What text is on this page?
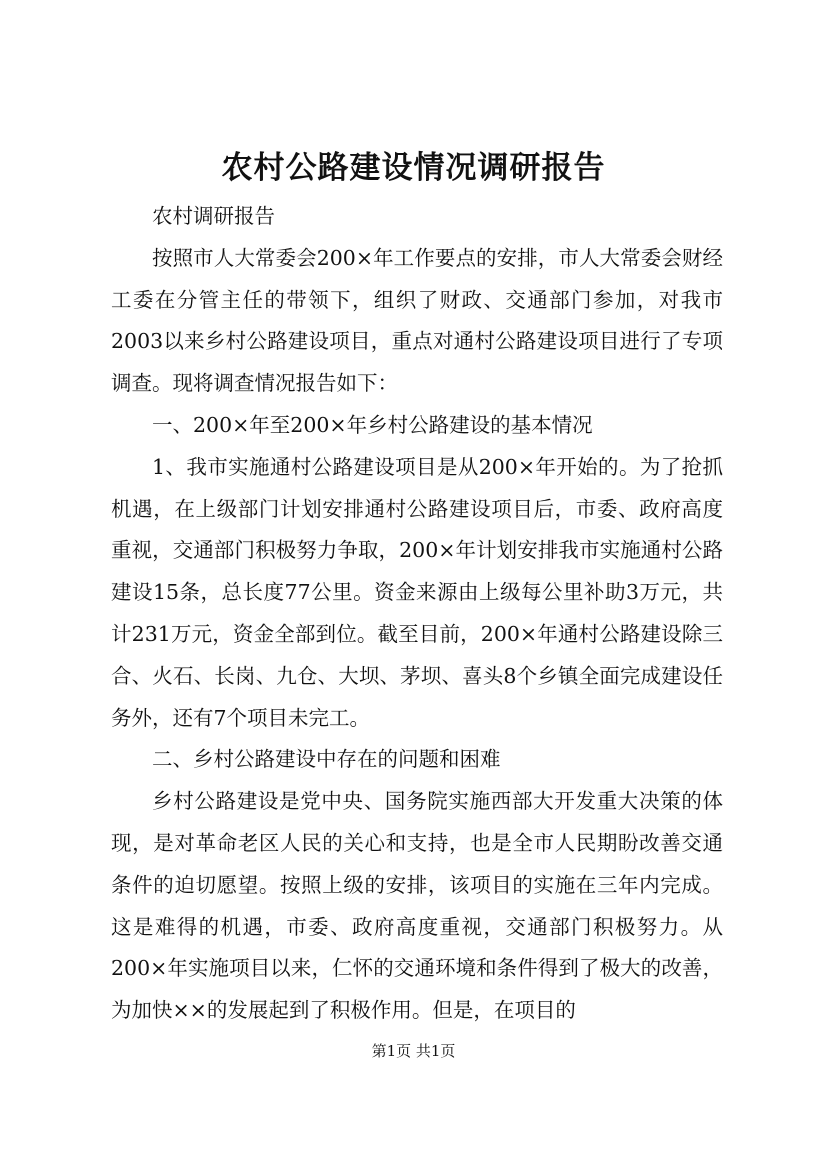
农村公路建设情况调研报告

农村调研报告

按照市人大常委会200×年工作要点的安排，市人大常委会财经工委在分管主任的带领下，组织了财政、交通部门参加，对我市2003以来乡村公路建设项目，重点对通村公路建设项目进行了专项调查。现将调查情况报告如下：

一、200×年至200×年乡村公路建设的基本情况

1、我市实施通村公路建设项目是从200×年开始的。为了抢抓机遇，在上级部门计划安排通村公路建设项目后，市委、政府高度重视，交通部门积极努力争取，200×年计划安排我市实施通村公路建设15条，总长度77公里。资金来源由上级每公里补助3万元，共计231万元，资金全部到位。截至目前，200×年通村公路建设除三合、火石、长岗、九仓、大坝、茅坝、喜头8个乡镇全面完成建设任务外，还有7个项目未完工。

二、乡村公路建设中存在的问题和困难

乡村公路建设是党中央、国务院实施西部大开发重大决策的体现，是对革命老区人民的关心和支持，也是全市人民期盼改善交通条件的迫切愿望。按照上级的安排，该项目的实施在三年内完成。这是难得的机遇，市委、政府高度重视，交通部门积极努力。从200×年实施项目以来，仁怀的交通环境和条件得到了极大的改善，为加快××的发展起到了积极作用。但是，在项目的

第1页 共1页
